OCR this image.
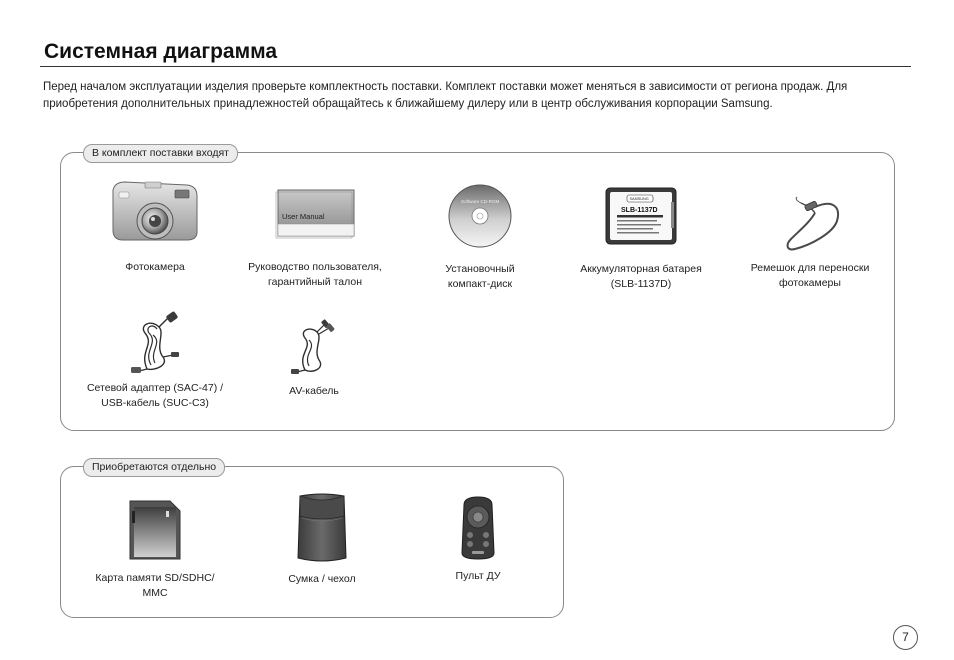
Системная диаграмма
Перед началом эксплуатации изделия проверьте комплектность поставки. Комплект поставки может меняться в зависимости от региона продаж. Для приобретения дополнительных принадлежностей обращайтесь к ближайшему дилеру или в центр обслуживания корпорации Samsung.
В комплект поставки входят
Фотокамера
User Manual
Руководство пользователя,
гарантийный талон
Software CD-ROM
Установочный
компакт-диск
SAMSUNG
SLB-1137D
Аккумуляторная батарея
(SLB-1137D)
Ремешок для переноски
фотокамеры
Сетевой адаптер (SAC-47) /
USB-кабель (SUC-C3)
AV-кабель
Приобретаются отдельно
Карта памяти SD/SDHC/
MMC
Сумка / чехол	Пульт ДУ
7
